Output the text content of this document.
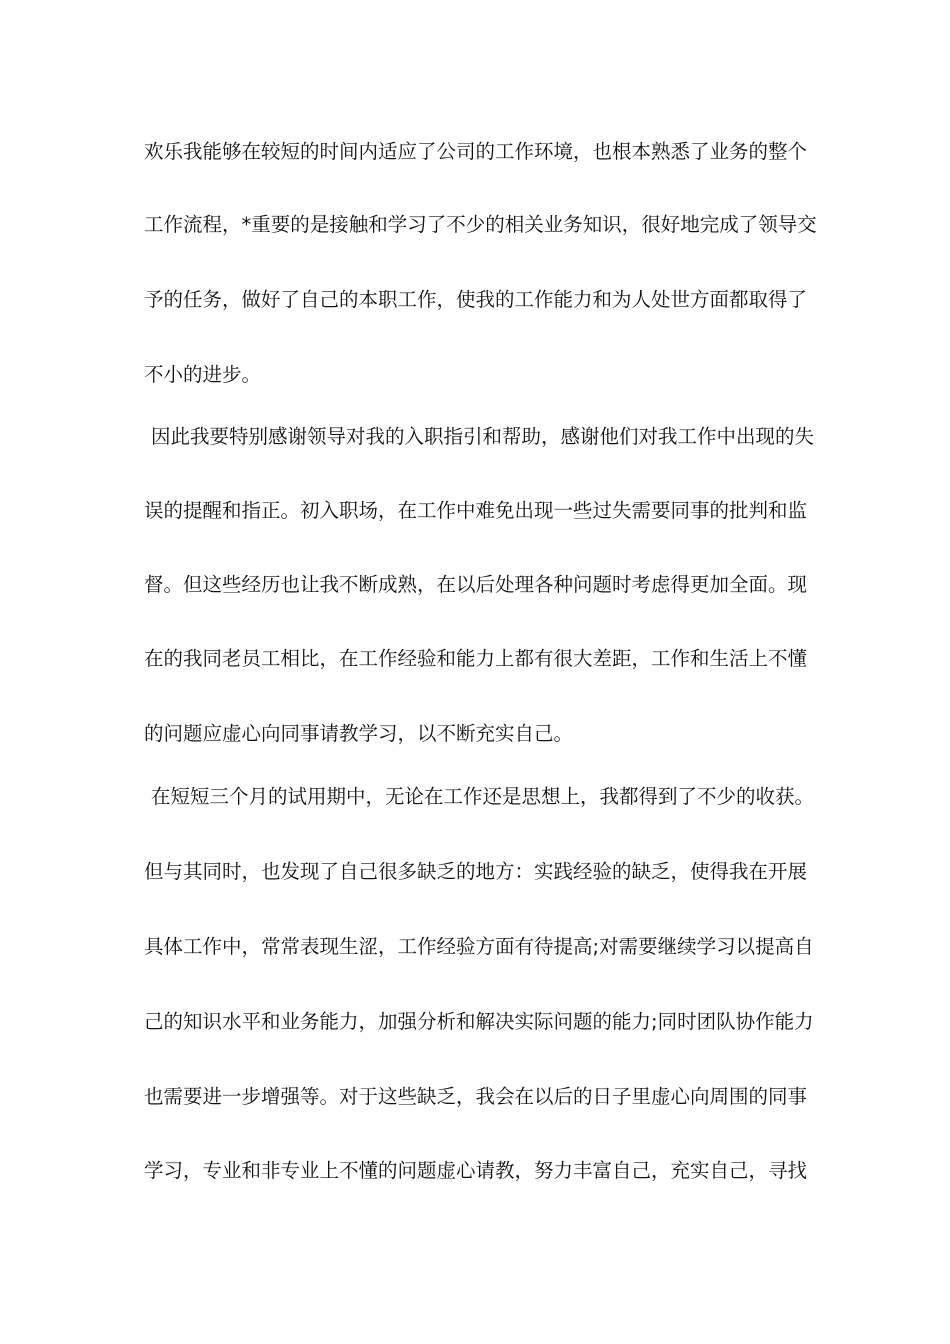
欢乐我能够在较短的时间内适应了公司的工作环境，也根本熟悉了业务的整个
工作流程，*重要的是接触和学习了不少的相关业务知识，很好地完成了领导交
予的任务，做好了自己的本职工作，使我的工作能力和为人处世方面都取得了
不小的进步。
因此我要特别感谢领导对我的入职指引和帮助，感谢他们对我工作中出现的失
误的提醒和指正。初入职场，在工作中难免出现一些过失需要同事的批判和监
督。但这些经历也让我不断成熟，在以后处理各种问题时考虑得更加全面。现
在的我同老员工相比，在工作经验和能力上都有很大差距，工作和生活上不懂
的问题应虚心向同事请教学习，以不断充实自己。
在短短三个月的试用期中，无论在工作还是思想上，我都得到了不少的收获。
但与其同时，也发现了自己很多缺乏的地方：实践经验的缺乏，使得我在开展
具体工作中，常常表现生涩，工作经验方面有待提高;对需要继续学习以提高自
己的知识水平和业务能力，加强分析和解决实际问题的能力;同时团队协作能力
也需要进一步增强等。对于这些缺乏，我会在以后的日子里虚心向周围的同事
学习，专业和非专业上不懂的问题虚心请教，努力丰富自己，充实自己，寻找
